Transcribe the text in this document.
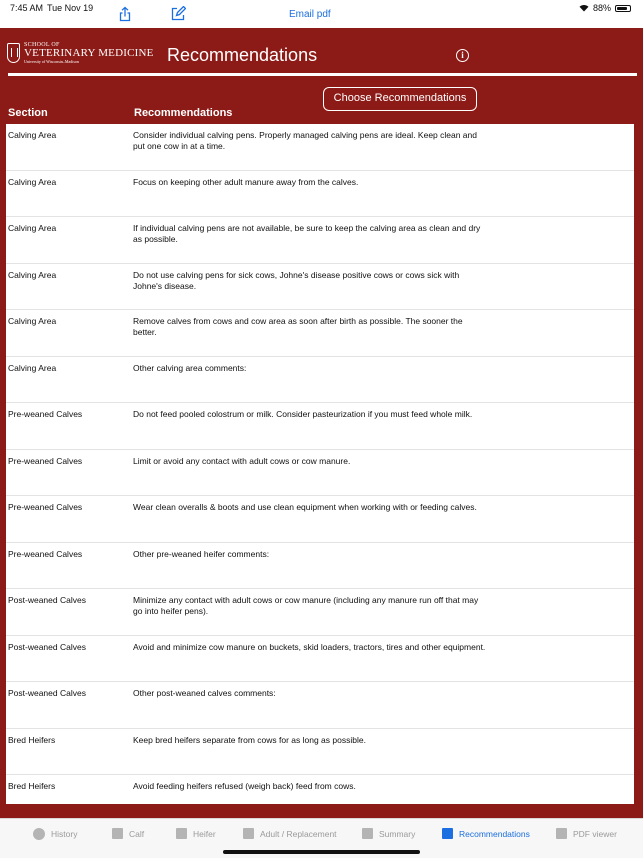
7:45 AM Tue Nov 19
Email pdf
88%
SCHOOL OF
VETERINARY MEDICINE
University of Wisconsin–Madison	Recommendations	i
Choose Recommendations
Section	Recommendations
Calving Area	Consider individual calving pens. Properly managed calving pens are ideal. Keep clean and put one cow in at a time.
Calving Area	Focus on keeping other adult manure away from the calves.
Calving Area	If individual calving pens are not available, be sure to keep the calving area as clean and dry as possible.
Calving Area	Do not use calving pens for sick cows, Johne's disease positive cows or cows sick with Johne's disease.
Calving Area	Remove calves from cows and cow area as soon after birth as possible. The sooner the better.
Calving Area	Other calving area comments:
Pre-weaned Calves	Do not feed pooled colostrum or milk. Consider pasteurization if you must feed whole milk.
Pre-weaned Calves	Limit or avoid any contact with adult cows or cow manure.
Pre-weaned Calves	Wear clean overalls & boots and use clean equipment when working with or feeding calves.
Pre-weaned Calves	Other pre-weaned heifer comments:
Post-weaned Calves	Minimize any contact with adult cows or cow manure (including any manure run off that may go into heifer pens).
Post-weaned Calves	Avoid and minimize cow manure on buckets, skid loaders, tractors, tires and other equipment.
Post-weaned Calves	Other post-weaned calves comments:
Bred Heifers	Keep bred heifers separate from cows for as long as possible.
Bred Heifers	Avoid feeding heifers refused (weigh back) feed from cows.
History	Calf	Heifer	Adult / Replacement	Summary	Recommendations	PDF viewer
